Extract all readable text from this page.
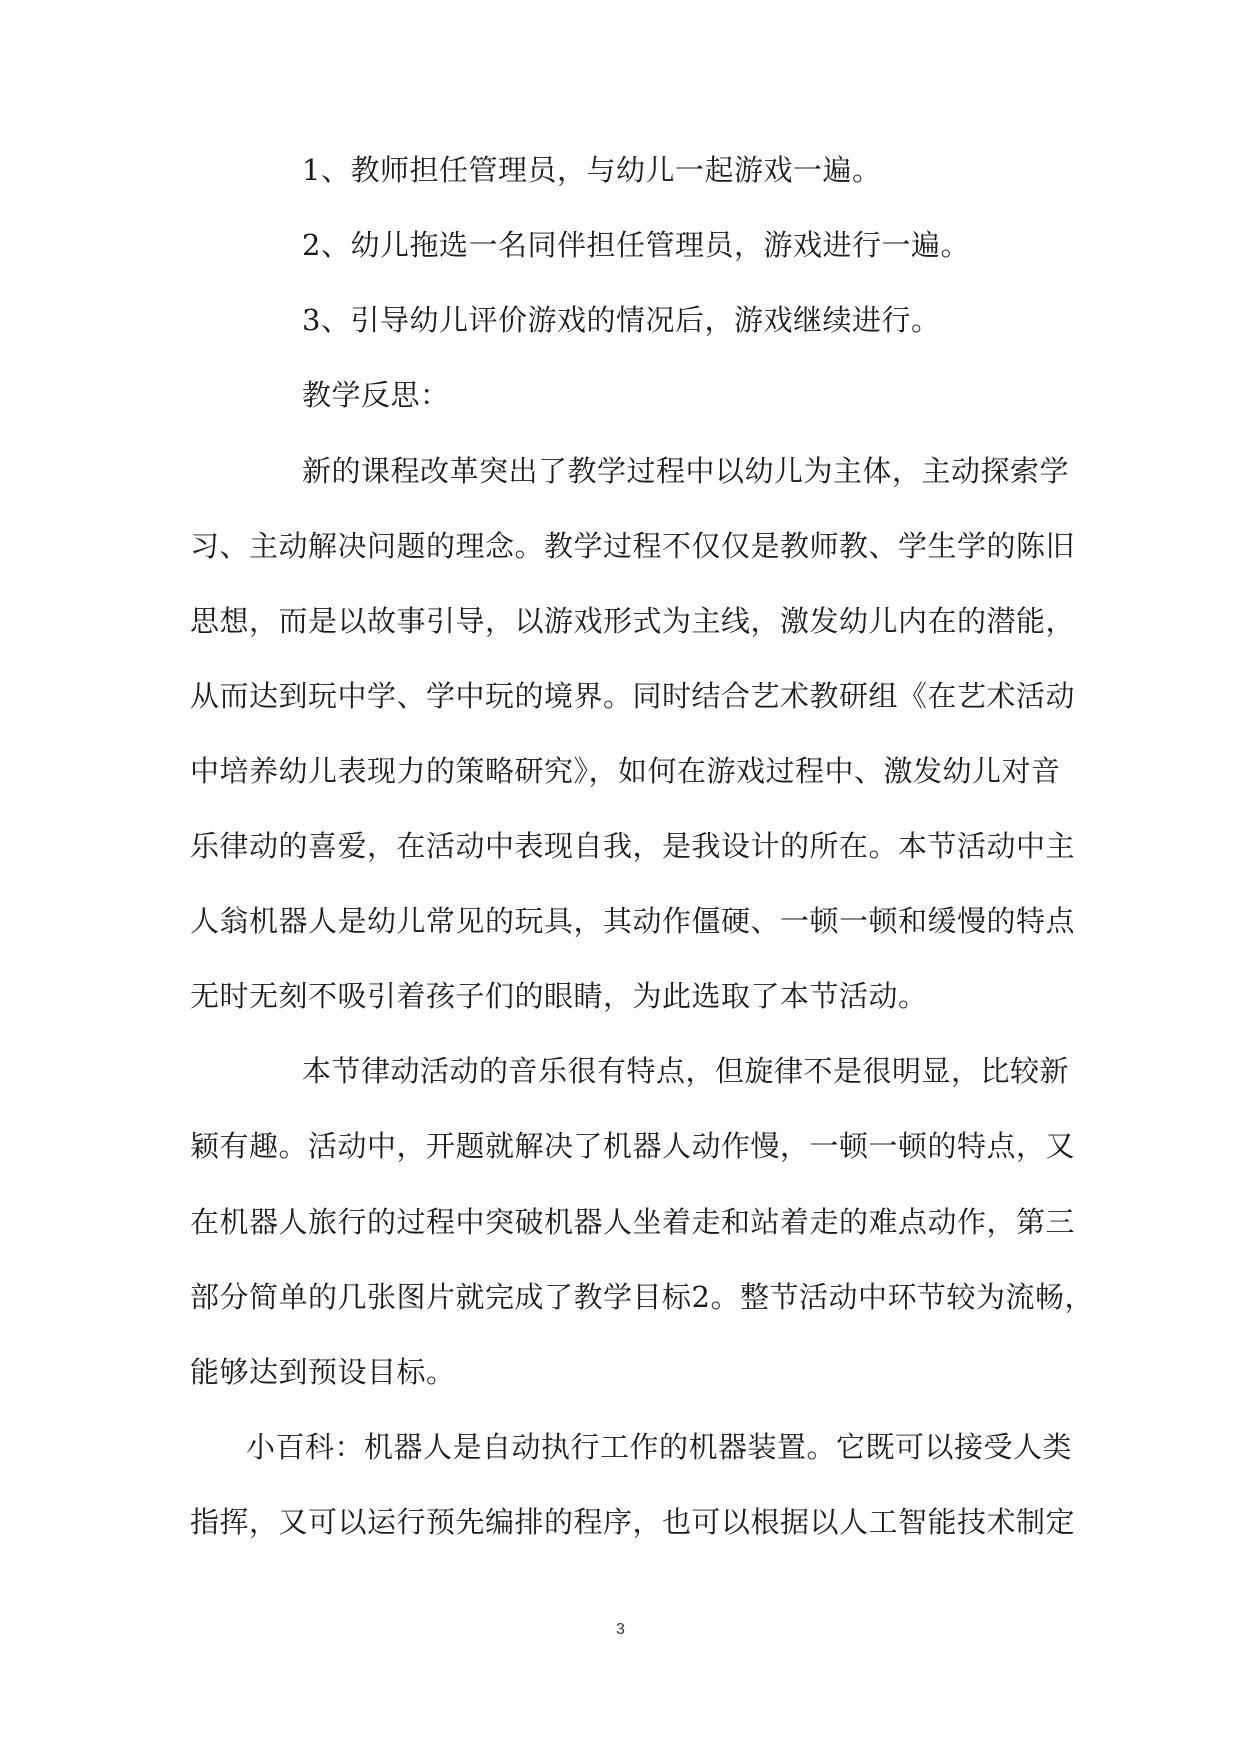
1、教师担任管理员，与幼儿一起游戏一遍。
2、幼儿拖选一名同伴担任管理员，游戏进行一遍。
3、引导幼儿评价游戏的情况后，游戏继续进行。
教学反思：
新的课程改革突出了教学过程中以幼儿为主体，主动探索学
习、主动解决问题的理念。教学过程不仅仅是教师教、学生学的陈旧
思想，而是以故事引导，以游戏形式为主线，激发幼儿内在的潜能，
从而达到玩中学、学中玩的境界。同时结合艺术教研组《在艺术活动
中培养幼儿表现力的策略研究》，如何在游戏过程中、激发幼儿对音
乐律动的喜爱，在活动中表现自我，是我设计的所在。本节活动中主
人翁机器人是幼儿常见的玩具，其动作僵硬、一顿一顿和缓慢的特点
无时无刻不吸引着孩子们的眼睛，为此选取了本节活动。
本节律动活动的音乐很有特点，但旋律不是很明显，比较新
颖有趣。活动中，开题就解决了机器人动作慢，一顿一顿的特点，又
在机器人旅行的过程中突破机器人坐着走和站着走的难点动作，第三
部分简单的几张图片就完成了教学目标2。整节活动中环节较为流畅，
能够达到预设目标。
小百科：机器人是自动执行工作的机器装置。它既可以接受人类
指挥，又可以运行预先编排的程序，也可以根据以人工智能技术制定
3
